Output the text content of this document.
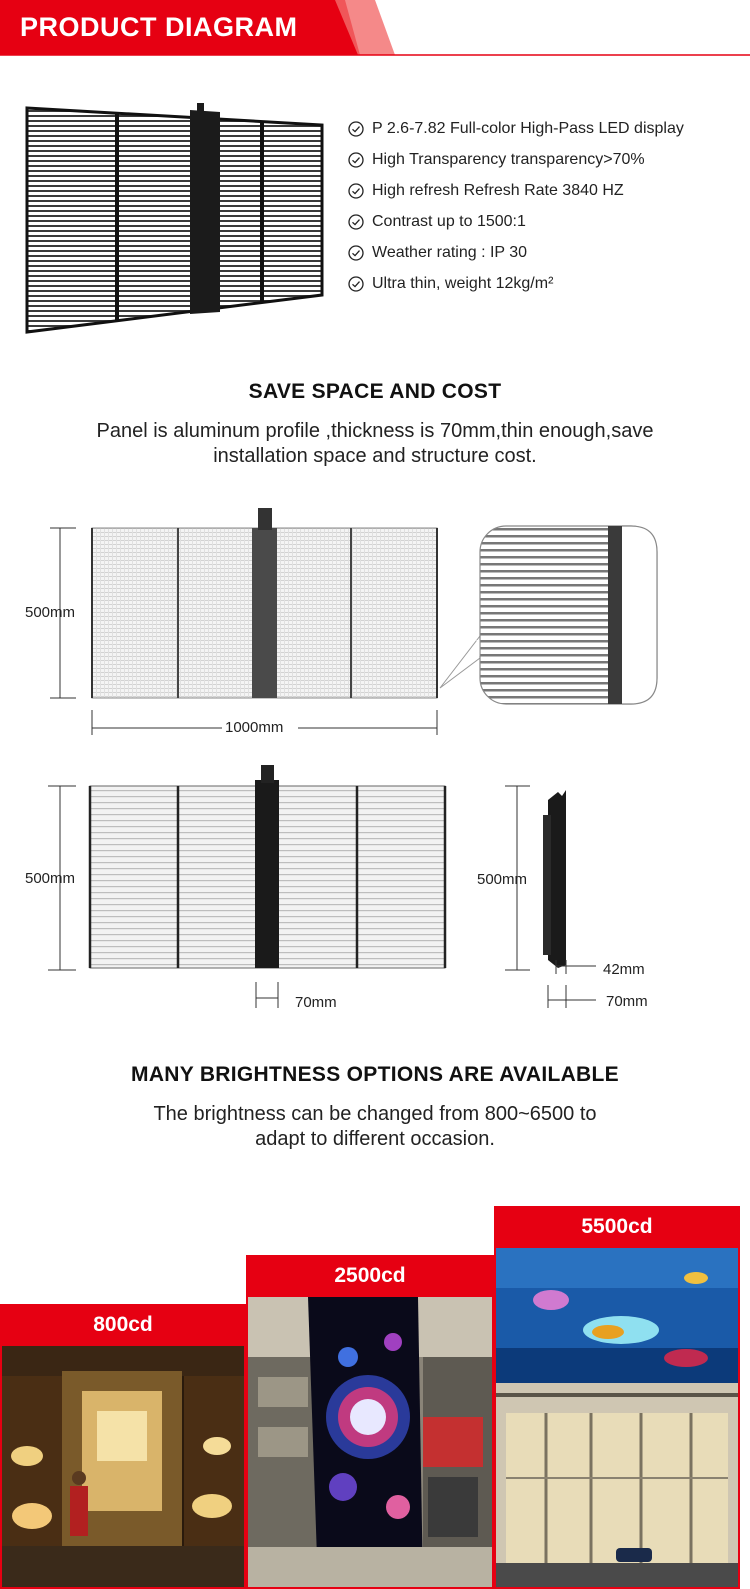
PRODUCT DIAGRAM
P 2.6-7.82 Full-color High-Pass LED display
High Transparency transparency>70%
High refresh Refresh Rate 3840 HZ
Contrast up to 1500:1
Weather rating : IP 30
Ultra thin, weight 12kg/m²
SAVE SPACE AND COST
Panel is aluminum profile ,thickness is 70mm,thin enough,save
installation space and structure cost.
500mm
1000mm
500mm	500mm
70mm
42mm
70mm
MANY BRIGHTNESS OPTIONS ARE AVAILABLE
The brightness can be changed from 800~6500 to
adapt to different occasion.
800cd
2500cd
5500cd
